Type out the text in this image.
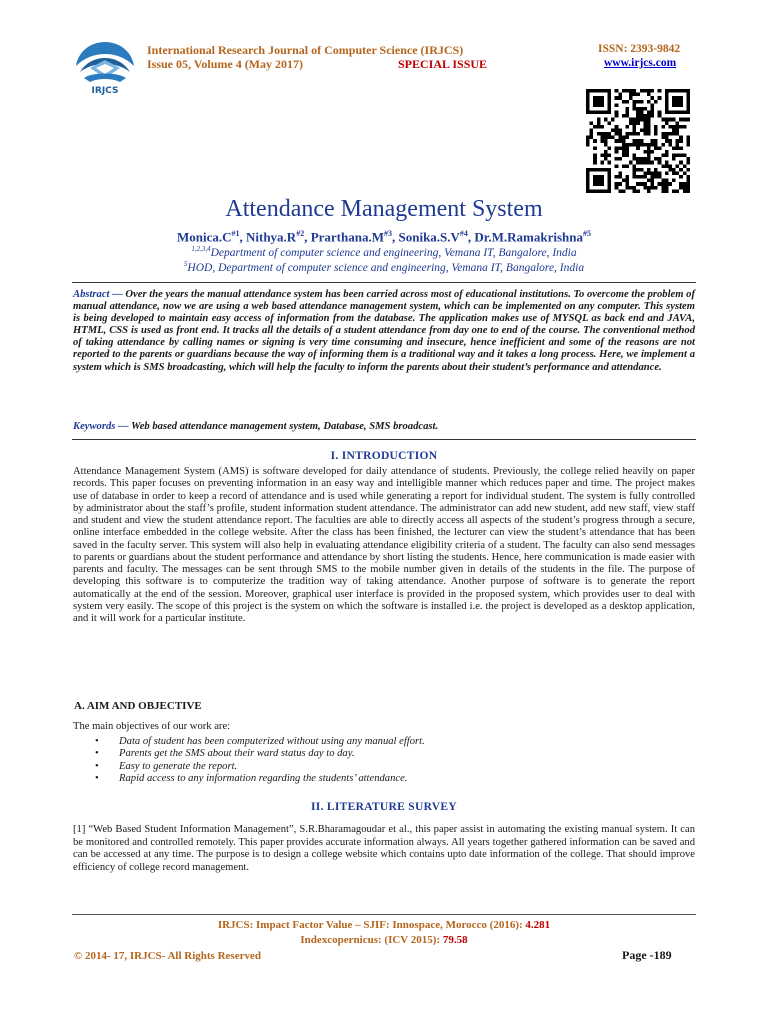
IRJCS
International Research Journal of Computer Science (IRJCS)
Issue 05, Volume 4 (May 2017)	SPECIAL ISSUE
ISSN: 2393-9842
www.irjcs.com
Attendance Management System
$Monica.C^{\#1}$, $Nithya.R^{\#2}$, $Prarthana.M^{\#3}$, $Sonika.S.V^{\#4}$, Dr.M.Ramakrishna$^{\#5}$
$^{1,2,3,4}$Department of computer science and engineering, Vemana IT, Bangalore, India
$^5$HOD, Department of computer science and engineering, Vemana IT, Bangalore, India
Abstract — Over the years the manual attendance system has been carried across most of educational institutions. To overcome the problem of manual attendance, now we are using a web based attendance management system, which can be implemented on any computer. This system is being developed to maintain easy access of information from the database. The application makes use of MYSQL as back end and JAVA, HTML, CSS is used as front end. It tracks all the details of a student attendance from day one to end of the course. The conventional method of taking attendance by calling names or signing is very time consuming and insecure, hence inefficient and some of the reasons are not reported to the parents or guardians because the way of informing them is a traditional way and it takes a long process. Here, we implement a system which is SMS broadcasting, which will help the faculty to inform the parents about their student’s performance and attendance.
Keywords — Web based attendance management system, Database, SMS broadcast.
I. INTRODUCTION
Attendance Management System (AMS) is software developed for daily attendance of students. Previously, the college relied heavily on paper records. This paper focuses on preventing information in an easy way and intelligible manner which reduces paper and time. The project makes use of database in order to keep a record of attendance and is used while generating a report for individual student. The system is fully controlled by administrator about the staff’s profile, student information student attendance. The administrator can add new student, add new staff, view staff and student and view the student attendance report. The faculties are able to directly access all aspects of the student’s progress through a secure, online interface embedded in the college website. After the class has been finished, the lecturer can view the student’s attendance that has been saved in the faculty server. This system will also help in evaluating attendance eligibility criteria of a student. The faculty can also send messages to parents or guardians about the student performance and attendance by short listing the students. Hence, here communication is made easier with parents and faculty. The messages can be sent through SMS to the mobile number given in details of the students in the file. The purpose of developing this software is to computerize the tradition way of taking attendance. Another purpose of software is to generate the report automatically at the end of the session. Moreover, graphical user interface is provided in the proposed system, which provides user to deal with system very easily. The scope of this project is the system on which the software is installed i.e. the project is developed as a desktop application, and it will work for a particular institute.
A. AIM AND OBJECTIVE
The main objectives of our work are:
• Data of student has been computerized without using any manual effort.
• Parents get the SMS about their ward status day to day.
• Easy to generate the report.
• Rapid access to any information regarding the students’ attendance.
II. LITERATURE SURVEY
[1] “Web Based Student Information Management”, S.R.Bharamagoudar et al., this paper assist in automating the existing manual system. It can be monitored and controlled remotely. This paper provides accurate information always. All years together gathered information can be saved and can be accessed at any time. The purpose is to design a college website which contains upto date information of the college. That should improve efficiency of college record management.
IRJCS: Impact Factor Value – SJIF: Innospace, Morocco (2016): 4.281
Indexcopernicus: (ICV 2015): 79.58
© 2014- 17, IRJCS- All Rights Reserved	Page -189
